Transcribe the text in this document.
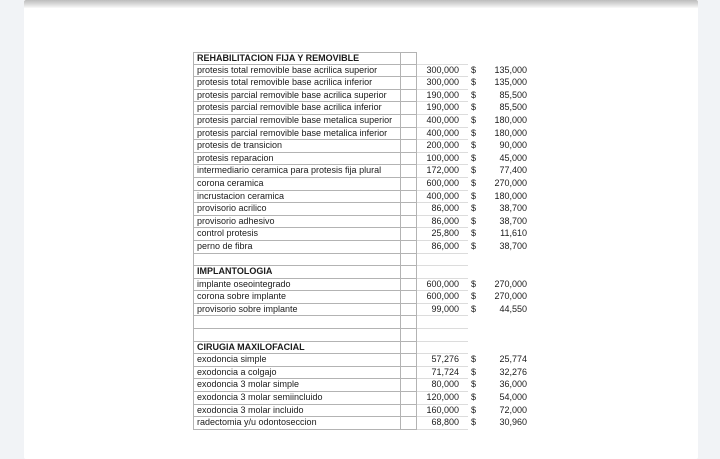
REHABILITACION FIJA Y REMOVIBLE
protesis total removible base acrilica superior	300,000	$	135,000
protesis total removible base acrilica inferior	300,000	$	135,000
protesis parcial removible base acrilica superior	190,000	$	85,500
protesis parcial removible base acrilica inferior	190,000	$	85,500
protesis parcial removible base metalica superior	400,000	$	180,000
protesis parcial removible base metalica inferior	400,000	$	180,000
protesis de transicion	200,000	$	90,000
protesis reparacion	100,000	$	45,000
intermediario ceramica para protesis fija plural	172,000	$	77,400
corona ceramica	600,000	$	270,000
incrustacion ceramica	400,000	$	180,000
provisorio acrilico	86,000	$	38,700
provisorio adhesivo	86,000	$	38,700
control protesis	25,800	$	11,610
perno de fibra	86,000	$	38,700
IMPLANTOLOGIA
implante oseointegrado	600,000	$	270,000
corona sobre implante	600,000	$	270,000
provisorio sobre implante	99,000	$	44,550
CIRUGIA MAXILOFACIAL
exodoncia simple	57,276	$	25,774
exodoncia a colgajo	71,724	$	32,276
exodoncia 3 molar simple	80,000	$	36,000
exodoncia 3 molar semiincluido	120,000	$	54,000
exodoncia 3 molar incluido	160,000	$	72,000
radectomia y/u odontoseccion	68,800	$	30,960
